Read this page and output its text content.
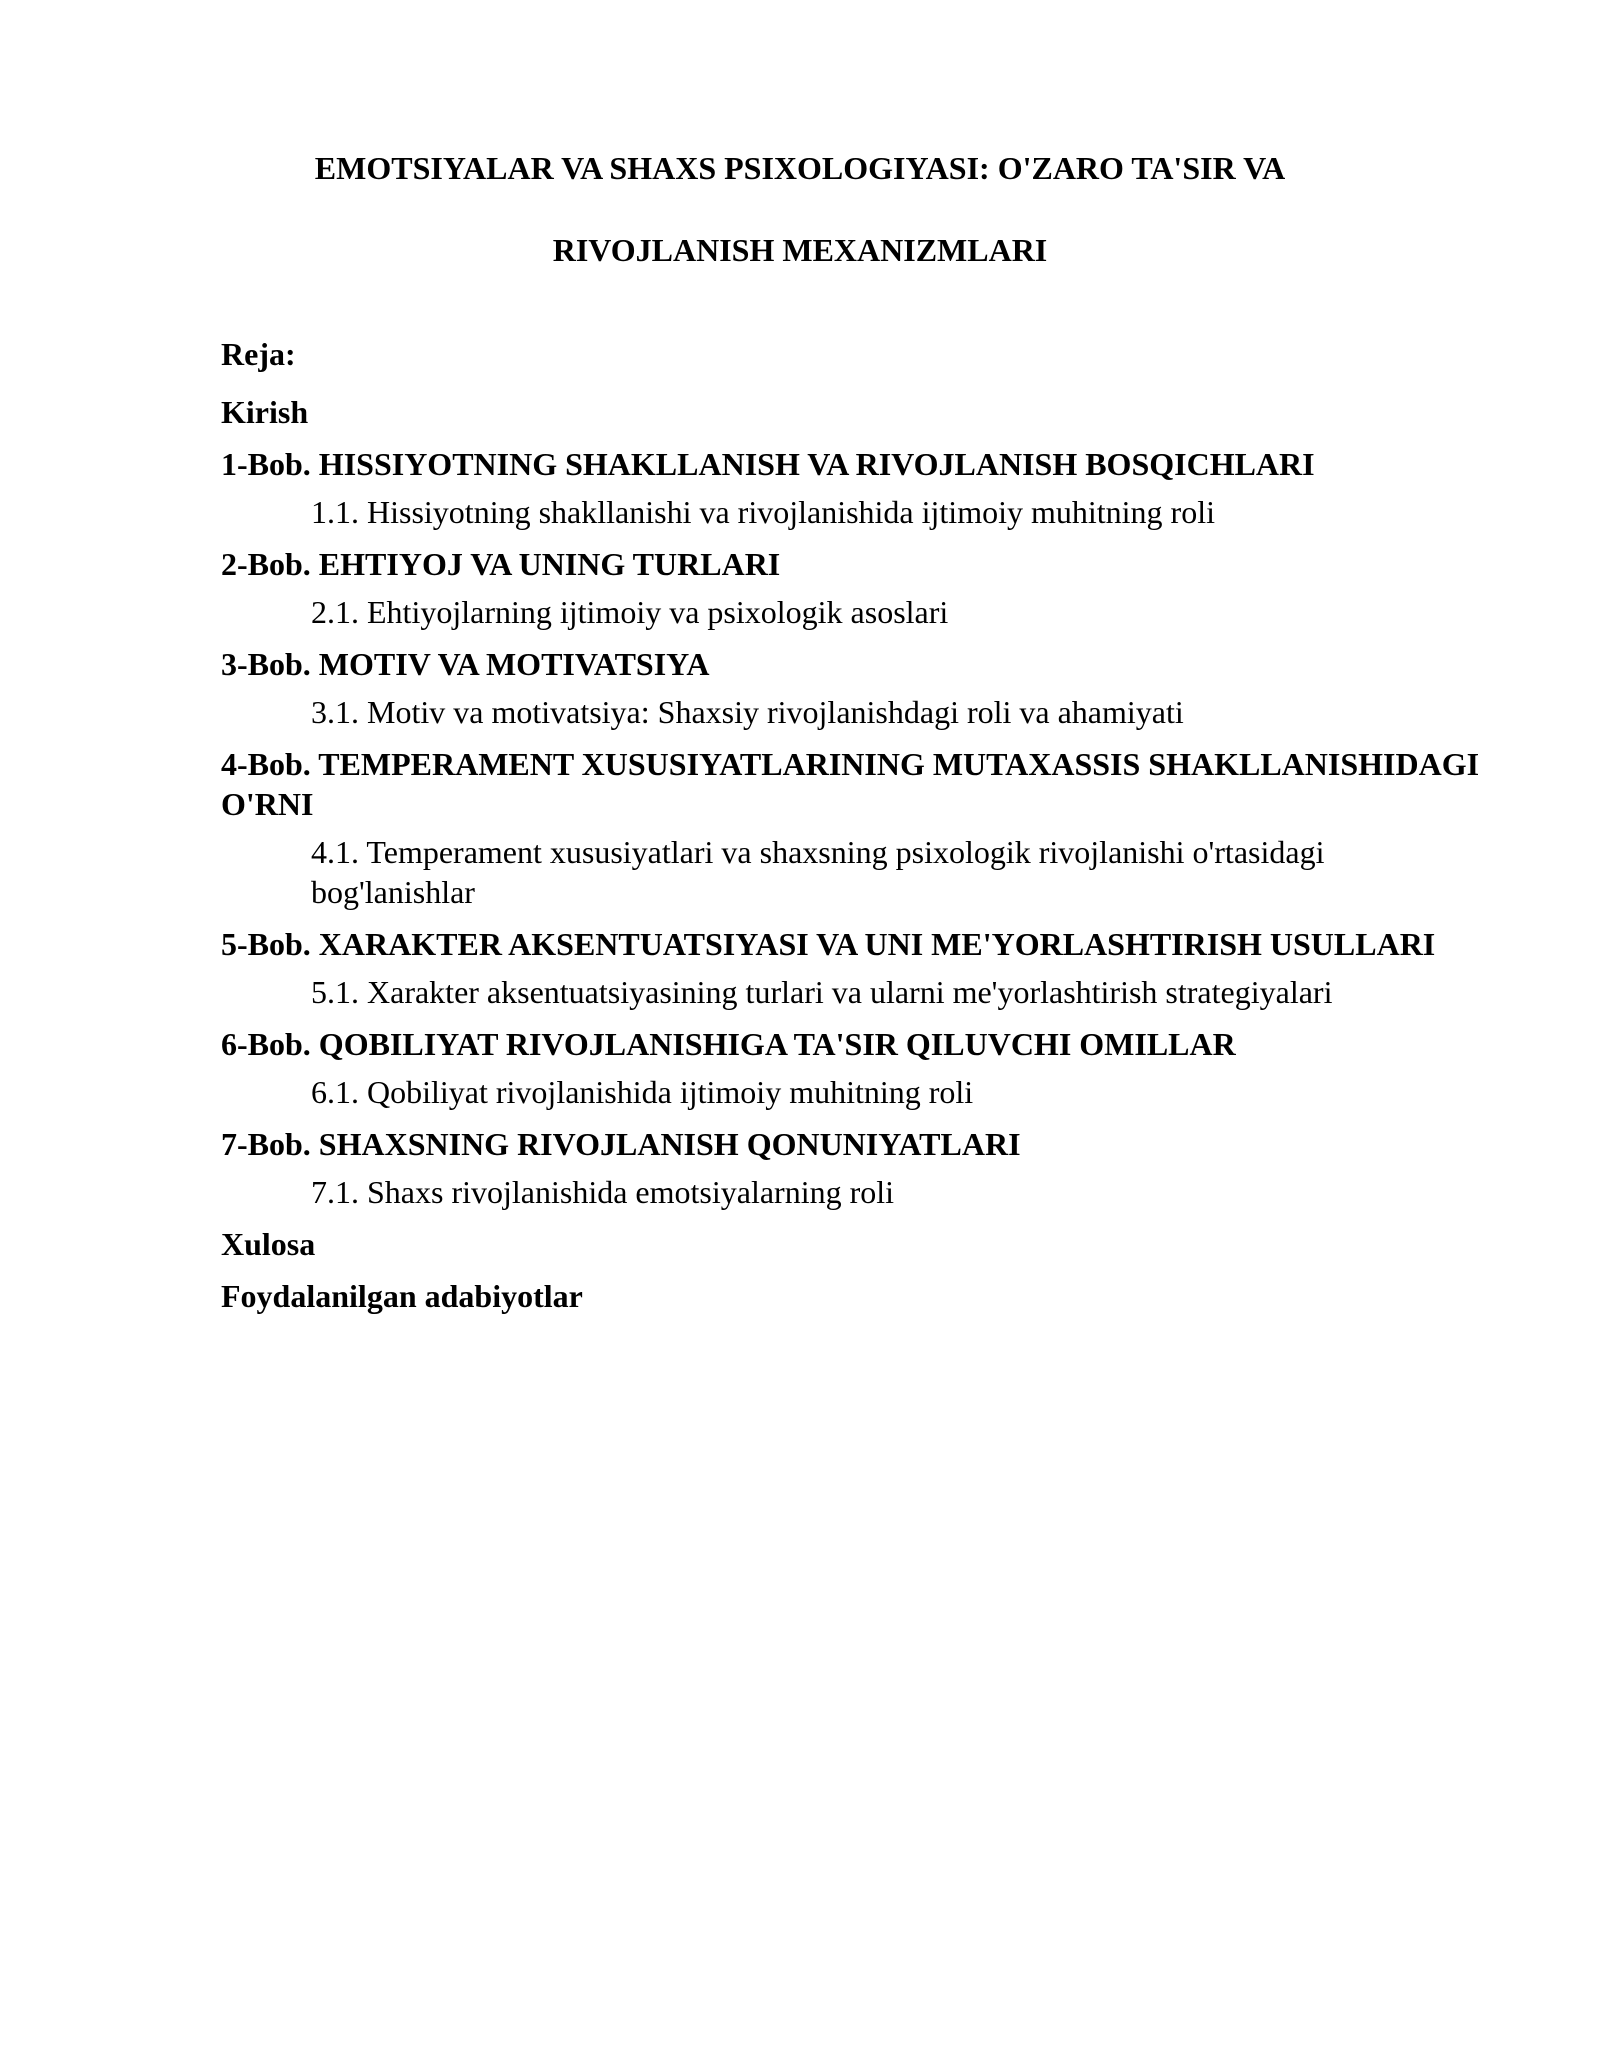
EMOTSIYALAR VA SHAXS PSIXOLOGIYASI: O'ZARO TA'SIR VA
RIVOJLANISH MEXANIZMLARI

Reja:

Kirish
1-Bob. HISSIYOTNING SHAKLLANISH VA RIVOJLANISH BOSQICHLARI
1.1. Hissiyotning shakllanishi va rivojlanishida ijtimoiy muhitning roli
2-Bob. EHTIYOJ VA UNING TURLARI
2.1. Ehtiyojlarning ijtimoiy va psixologik asoslari
3-Bob. MOTIV VA MOTIVATSIYA
3.1. Motiv va motivatsiya: Shaxsiy rivojlanishdagi roli va ahamiyati
4-Bob. TEMPERAMENT XUSUSIYATLARINING MUTAXASSIS SHAKLLANISHIDAGI O'RNI
4.1. Temperament xususiyatlari va shaxsning psixologik rivojlanishi o'rtasidagi bog'lanishlar
5-Bob. XARAKTER AKSENTUATSIYASI VA UNI ME'YORLASHTIRISH USULLARI
5.1. Xarakter aksentuatsiyasining turlari va ularni me'yorlashtirish strategiyalari
6-Bob. QOBILIYAT RIVOJLANISHIGA TA'SIR QILUVCHI OMILLAR
6.1. Qobiliyat rivojlanishida ijtimoiy muhitning roli
7-Bob. SHAXSNING RIVOJLANISH QONUNIYATLARI
7.1. Shaxs rivojlanishida emotsiyalarning roli
Xulosa
Foydalanilgan adabiyotlar
